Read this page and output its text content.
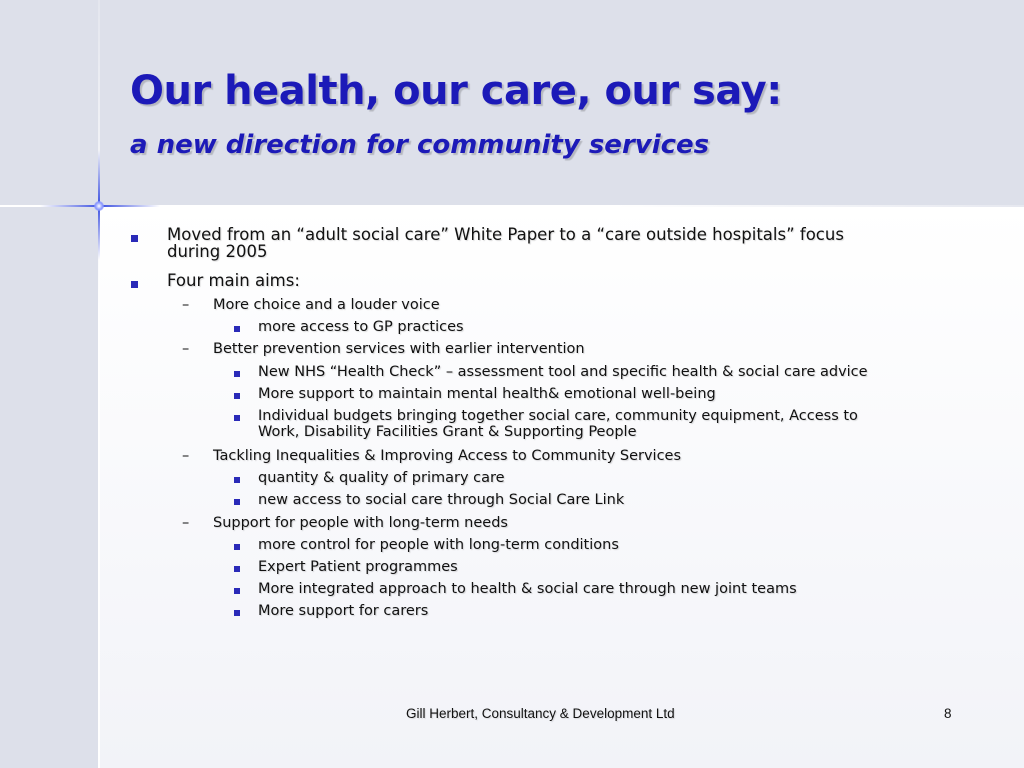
Our health, our care, our say:
a new direction for community services

Moved from an “adult social care” White Paper to a “care outside hospitals” focus

during 2005

Four main aims:

– More choice and a louder voice

more access to GP practices

– Better prevention services with earlier intervention

New NHS “Health Check” – assessment tool and specific health & social care advice

More support to maintain mental health& emotional well-being

Individual budgets bringing together social care, community equipment, Access to

Work, Disability Facilities Grant & Supporting People

– Tackling Inequalities & Improving Access to Community Services

quantity & quality of primary care

new access to social care through Social Care Link

– Support for people with long-term needs

more control for people with long-term conditions

Expert Patient programmes

More integrated approach to health & social care through new joint teams

More support for carers

Gill Herbert, Consultancy & Development Ltd	8
